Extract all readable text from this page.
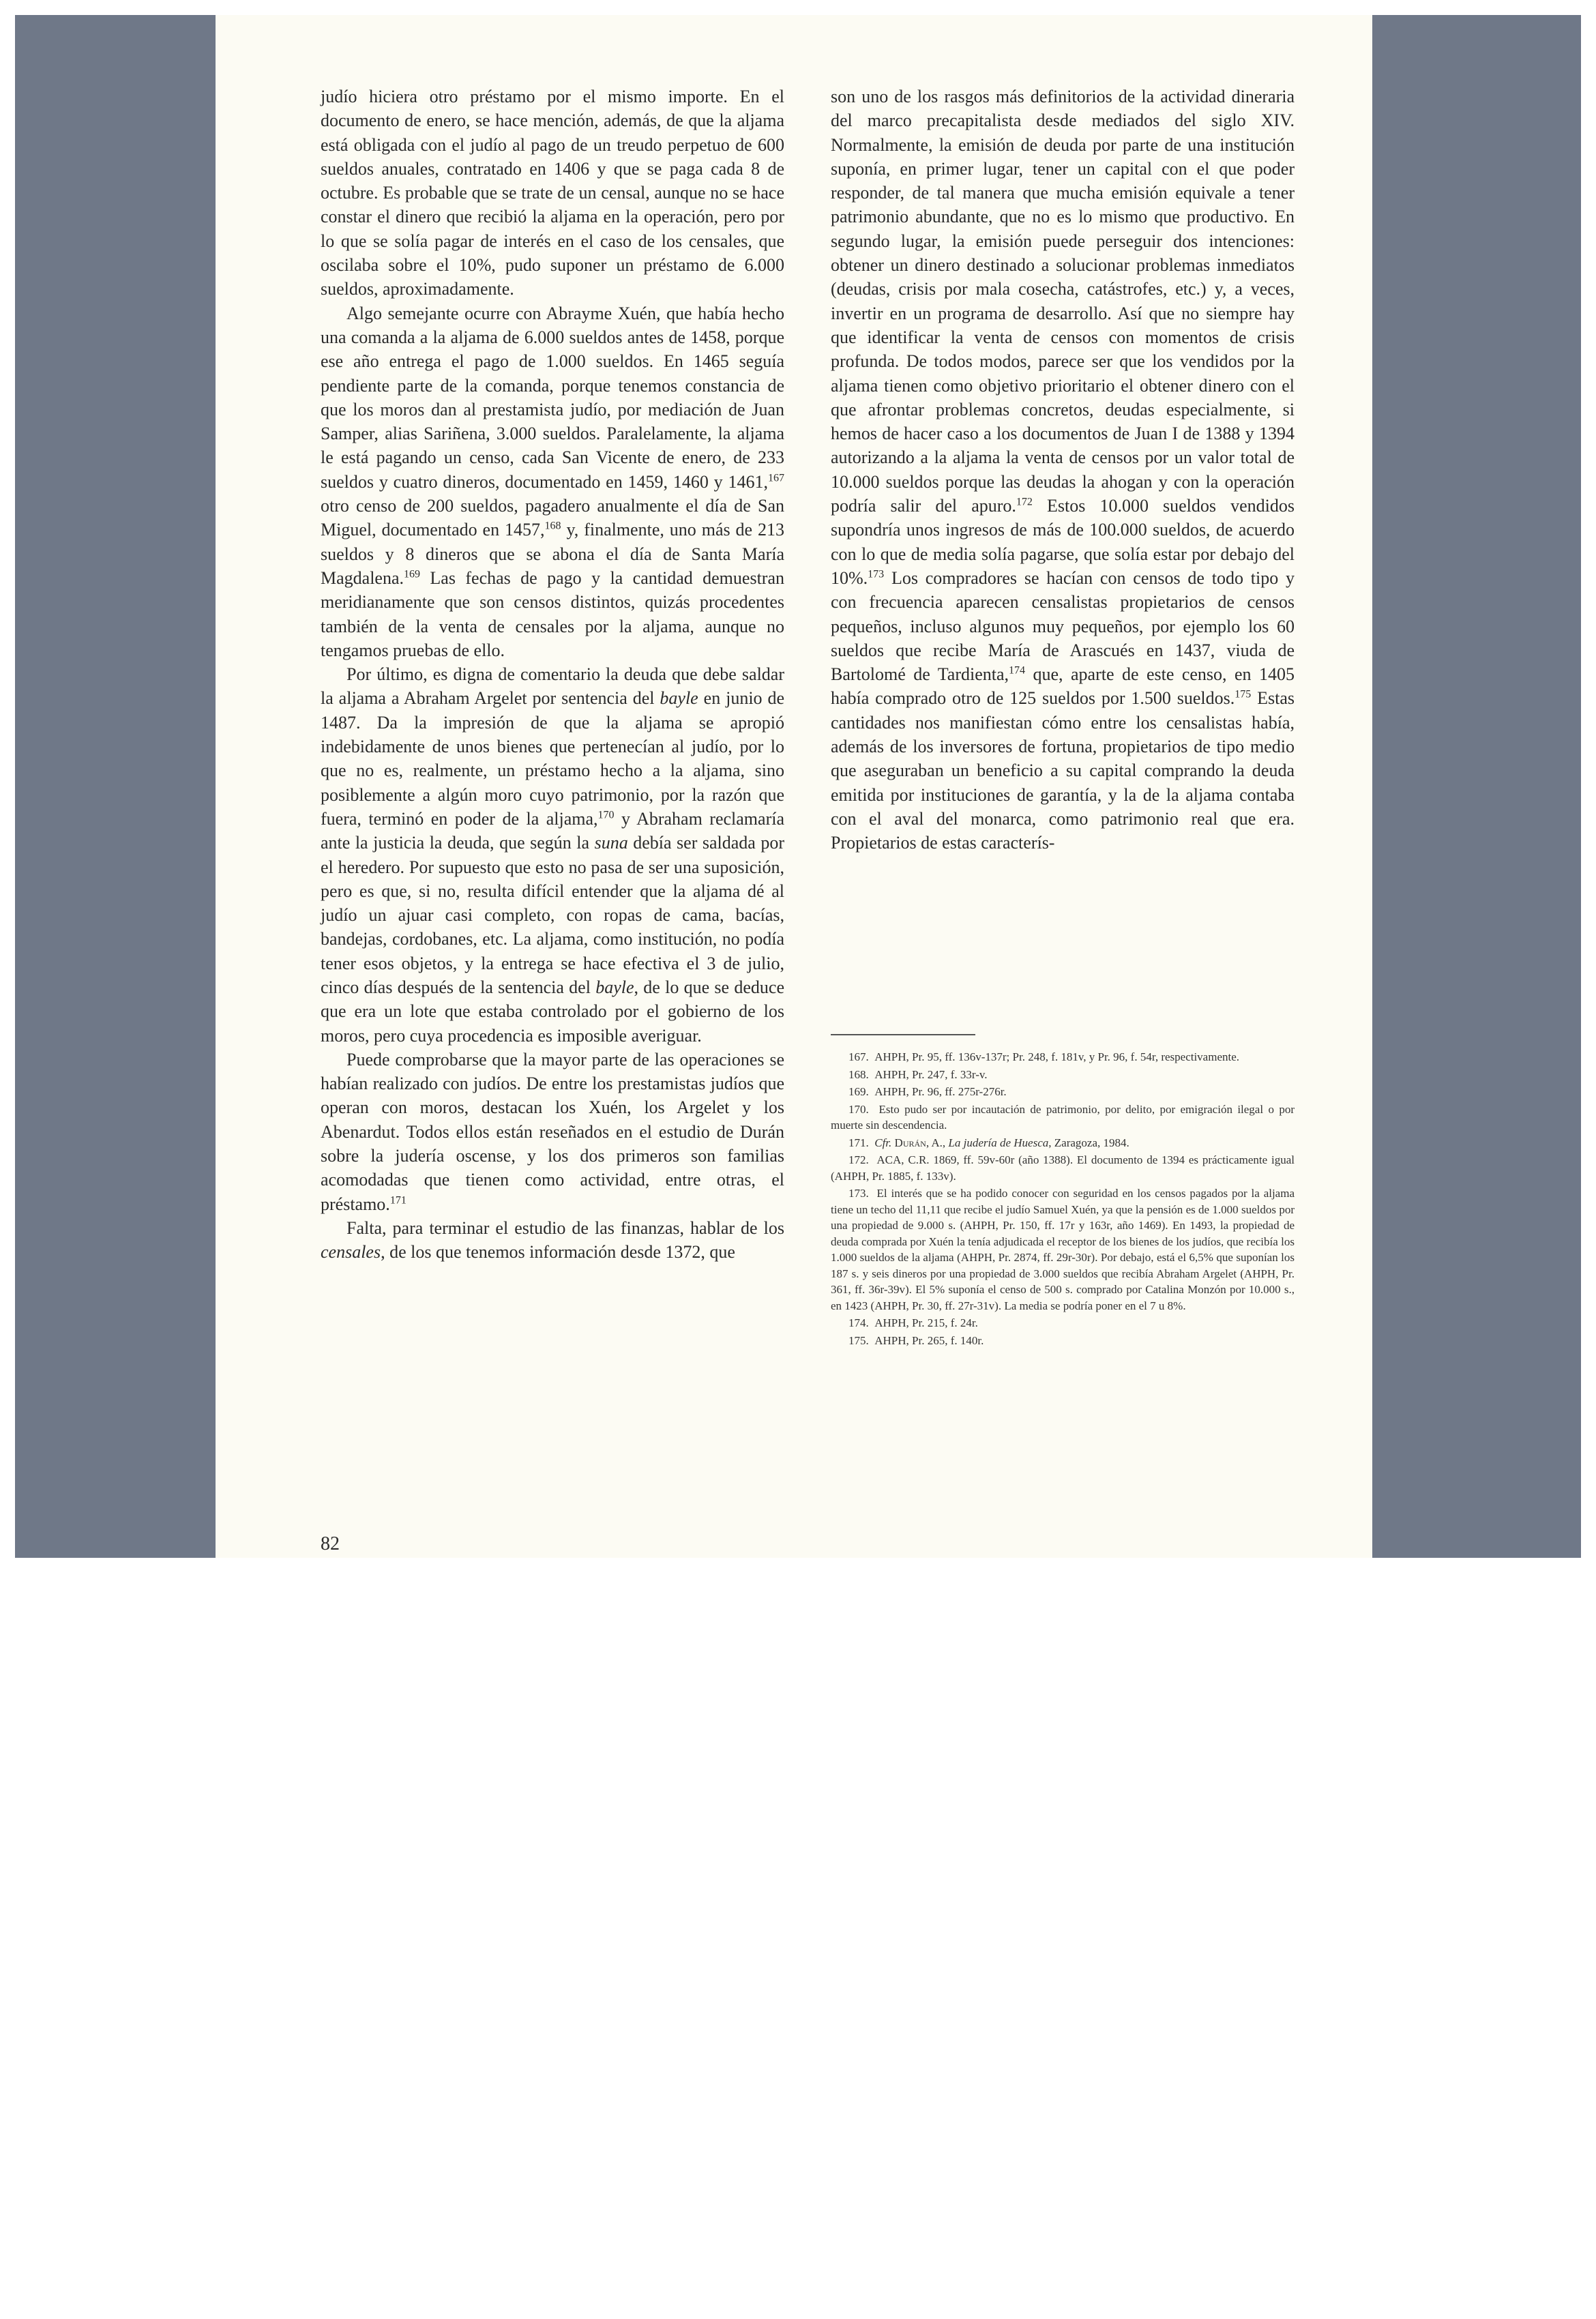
judío hiciera otro préstamo por el mismo importe. En el documento de enero, se hace mención, además, de que la aljama está obligada con el judío al pago de un treudo perpetuo de 600 sueldos anuales, contratado en 1406 y que se paga cada 8 de octubre. Es probable que se trate de un censal, aunque no se hace constar el dinero que recibió la aljama en la operación, pero por lo que se solía pagar de interés en el caso de los censales, que oscilaba sobre el 10%, pudo suponer un préstamo de 6.000 sueldos, aproximadamente.

Algo semejante ocurre con Abrayme Xuén, que había hecho una comanda a la aljama de 6.000 sueldos antes de 1458, porque ese año entrega el pago de 1.000 sueldos. En 1465 seguía pendiente parte de la comanda, porque tenemos constancia de que los moros dan al prestamista judío, por mediación de Juan Samper, alias Sariñena, 3.000 sueldos. Paralelamente, la aljama le está pagando un censo, cada San Vicente de enero, de 233 sueldos y cuatro dineros, documentado en 1459, 1460 y 1461,$^{167}$ otro censo de 200 sueldos, pagadero anualmente el día de San Miguel, documentado en 1457,$^{168}$ y, finalmente, uno más de 213 sueldos y 8 dineros que se abona el día de Santa María Magdalena.$^{169}$ Las fechas de pago y la cantidad demuestran meridianamente que son censos distintos, quizás procedentes también de la venta de censales por la aljama, aunque no tengamos pruebas de ello.

Por último, es digna de comentario la deuda que debe saldar la aljama a Abraham Argelet por sentencia del bayle en junio de 1487. Da la impresión de que la aljama se apropió indebidamente de unos bienes que pertenecían al judío, por lo que no es, realmente, un préstamo hecho a la aljama, sino posiblemente a algún moro cuyo patrimonio, por la razón que fuera, terminó en poder de la aljama,$^{170}$ y Abraham reclamaría ante la justicia la deuda, que según la suna debía ser saldada por el heredero. Por supuesto que esto no pasa de ser una suposición, pero es que, si no, resulta difícil entender que la aljama dé al judío un ajuar casi completo, con ropas de cama, bacías, bandejas, cordobanes, etc. La aljama, como institución, no podía tener esos objetos, y la entrega se hace efectiva el 3 de julio, cinco días después de la sentencia del bayle, de lo que se deduce que era un lote que estaba controlado por el gobierno de los moros, pero cuya procedencia es imposible averiguar.

Puede comprobarse que la mayor parte de las operaciones se habían realizado con judíos. De entre los prestamistas judíos que operan con moros, destacan los Xuén, los Argelet y los Abenardut. Todos ellos están reseñados en el estudio de Durán sobre la judería oscense, y los dos primeros son familias acomodadas que tienen como actividad, entre otras, el préstamo.$^{171}$

Falta, para terminar el estudio de las finanzas, hablar de los censales, de los que tenemos información desde 1372, que

son uno de los rasgos más definitorios de la actividad dineraria del marco precapitalista desde mediados del siglo XIV. Normalmente, la emisión de deuda por parte de una institución suponía, en primer lugar, tener un capital con el que poder responder, de tal manera que mucha emisión equivale a tener patrimonio abundante, que no es lo mismo que productivo. En segundo lugar, la emisión puede perseguir dos intenciones: obtener un dinero destinado a solucionar problemas inmediatos (deudas, crisis por mala cosecha, catástrofes, etc.) y, a veces, invertir en un programa de desarrollo. Así que no siempre hay que identificar la venta de censos con momentos de crisis profunda. De todos modos, parece ser que los vendidos por la aljama tienen como objetivo prioritario el obtener dinero con el que afrontar problemas concretos, deudas especialmente, si hemos de hacer caso a los documentos de Juan I de 1388 y 1394 autorizando a la aljama la venta de censos por un valor total de 10.000 sueldos porque las deudas la ahogan y con la operación podría salir del apuro.$^{172}$ Estos 10.000 sueldos vendidos supondría unos ingresos de más de 100.000 sueldos, de acuerdo con lo que de media solía pagarse, que solía estar por debajo del 10%.$^{173}$ Los compradores se hacían con censos de todo tipo y con frecuencia aparecen censalistas propietarios de censos pequeños, incluso algunos muy pequeños, por ejemplo los 60 sueldos que recibe María de Arascués en 1437, viuda de Bartolomé de Tardienta,$^{174}$ que, aparte de este censo, en 1405 había comprado otro de 125 sueldos por 1.500 sueldos.$^{175}$ Estas cantidades nos manifiestan cómo entre los censalistas había, además de los inversores de fortuna, propietarios de tipo medio que aseguraban un beneficio a su capital comprando la deuda emitida por instituciones de garantía, y la de la aljama contaba con el aval del monarca, como patrimonio real que era. Propietarios de estas caracterís-

167.  AHPH, Pr. 95, ff. 136v-137r; Pr. 248, f. 181v, y Pr. 96, f. 54r, respectivamente.

168.  AHPH, Pr. 247, f. 33r-v.

169.  AHPH, Pr. 96, ff. 275r-276r.

170.  Esto pudo ser por incautación de patrimonio, por delito, por emigración ilegal o por muerte sin descendencia.

171.  Cfr. Durán, A., La judería de Huesca, Zaragoza, 1984.

172.  ACA, C.R. 1869, ff. 59v-60r (año 1388). El documento de 1394 es prácticamente igual (AHPH, Pr. 1885, f. 133v).

173.  El interés que se ha podido conocer con seguridad en los censos pagados por la aljama tiene un techo del 11,11 que recibe el judío Samuel Xuén, ya que la pensión es de 1.000 sueldos por una propiedad de 9.000 s. (AHPH, Pr. 150, ff. 17r y 163r, año 1469). En 1493, la propiedad de deuda comprada por Xuén la tenía adjudicada el receptor de los bienes de los judíos, que recibía los 1.000 sueldos de la aljama (AHPH, Pr. 2874, ff. 29r-30r). Por debajo, está el 6,5% que suponían los 187 s. y seis dineros por una propiedad de 3.000 sueldos que recibía Abraham Argelet (AHPH, Pr. 361, ff. 36r-39v). El 5% suponía el censo de 500 s. comprado por Catalina Monzón por 10.000 s., en 1423 (AHPH, Pr. 30, ff. 27r-31v). La media se podría poner en el 7 u 8%.

174.  AHPH, Pr. 215, f. 24r.

175.  AHPH, Pr. 265, f. 140r.

82
